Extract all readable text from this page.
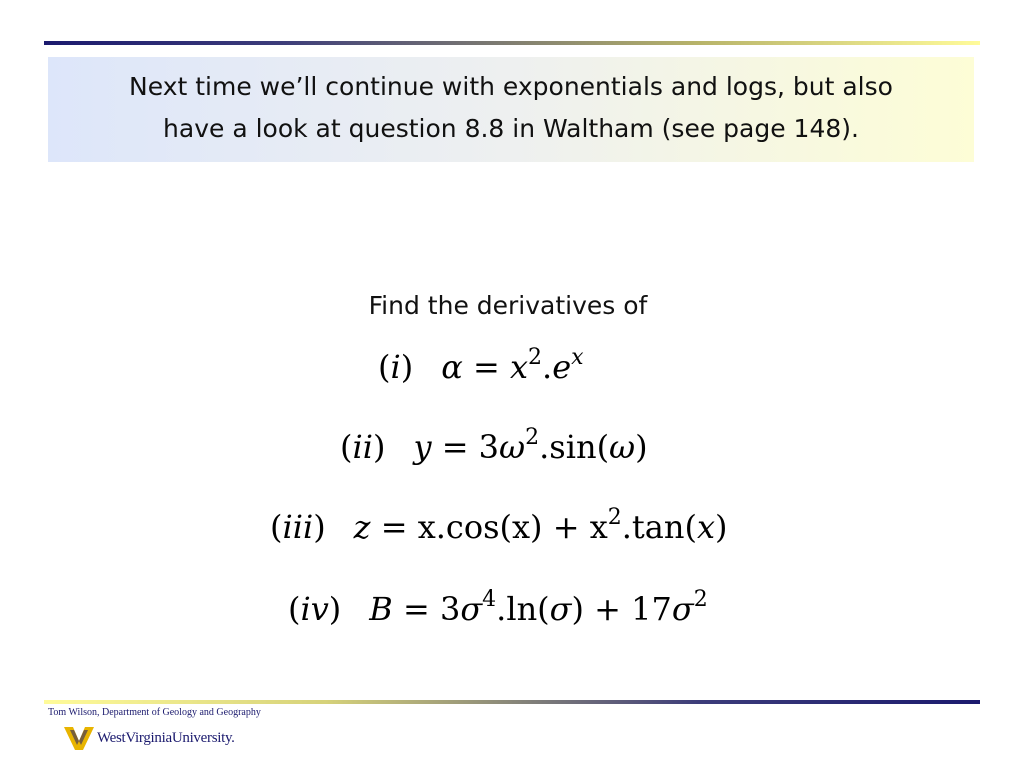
Next time we’ll continue with exponentials and logs, but also
have a look at question 8.8 in Waltham (see page 148).
Find the derivatives of
(i) $\alpha = x^2.e^x$
(ii) $y = 3\omega^2.\sin(\omega)$
(iii) $z = x.\cos(x) + x^2.\tan(x)$
(iv) $B = 3\sigma^4.\ln(\sigma) + 17\sigma^2$
Tom Wilson, Department of Geology and Geography
WestVirginiaUniversity.
